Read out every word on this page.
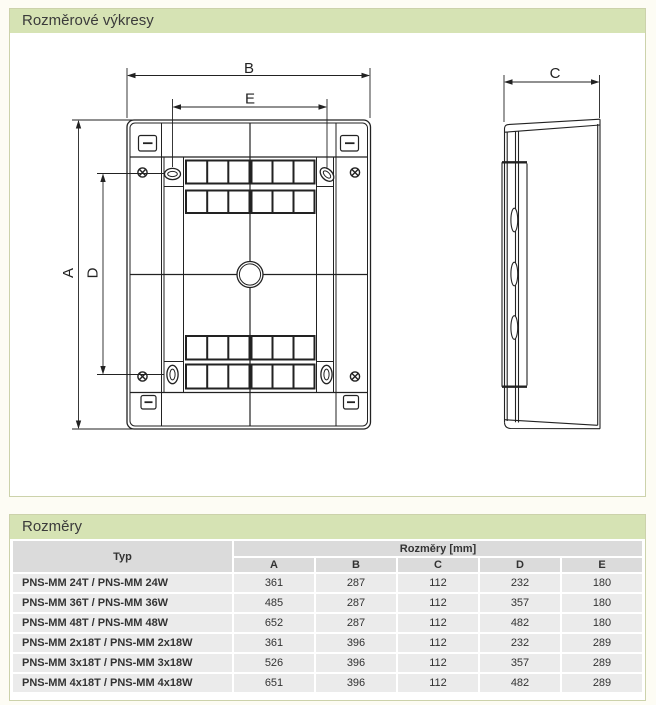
Rozměrové výkresy
B
E
A D
C
Rozměry
Typ	Rozměry [mm]				
	A	B	C	D	E
PNS-MM 24T / PNS-MM 24W	361	287	112	232	180
PNS-MM 36T / PNS-MM 36W	485	287	112	357	180
PNS-MM 48T / PNS-MM 48W	652	287	112	482	180
PNS-MM 2x18T / PNS-MM 2x18W	361	396	112	232	289
PNS-MM 3x18T / PNS-MM 3x18W	526	396	112	357	289
PNS-MM 4x18T / PNS-MM 4x18W	651	396	112	482	289
